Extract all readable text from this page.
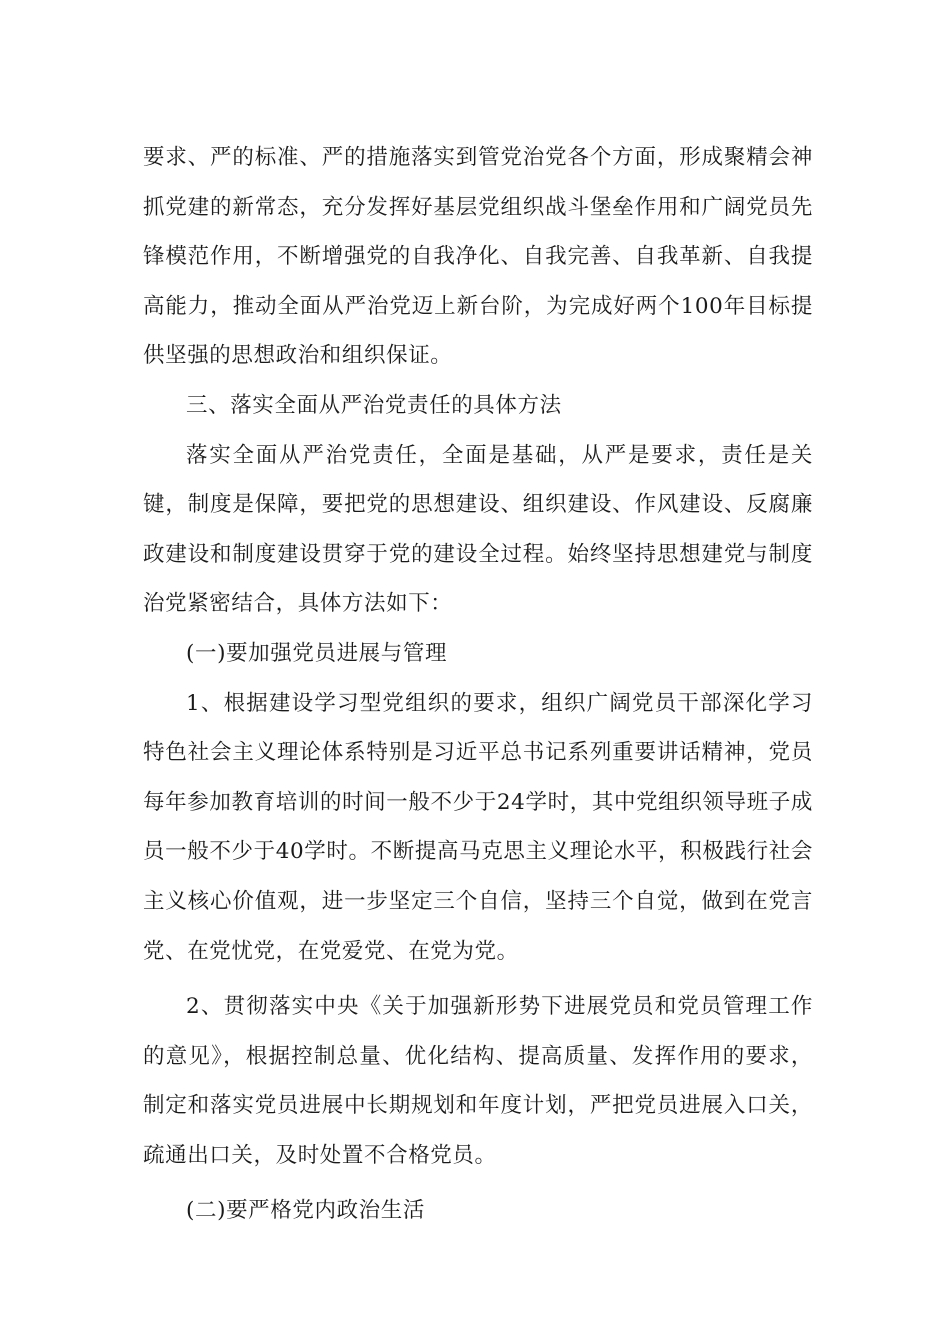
要求、严的标准、严的措施落实到管党治党各个方面，形成聚精会神抓党建的新常态，充分发挥好基层党组织战斗堡垒作用和广阔党员先锋模范作用，不断增强党的自我净化、自我完善、自我革新、自我提高能力，推动全面从严治党迈上新台阶，为完成好两个100年目标提供坚强的思想政治和组织保证。

三、落实全面从严治党责任的具体方法

落实全面从严治党责任，全面是基础，从严是要求，责任是关键，制度是保障，要把党的思想建设、组织建设、作风建设、反腐廉政建设和制度建设贯穿于党的建设全过程。始终坚持思想建党与制度治党紧密结合，具体方法如下：

(一)要加强党员进展与管理

1、根据建设学习型党组织的要求，组织广阔党员干部深化学习特色社会主义理论体系特别是习近平总书记系列重要讲话精神，党员每年参加教育培训的时间一般不少于24学时，其中党组织领导班子成员一般不少于40学时。不断提高马克思主义理论水平，积极践行社会主义核心价值观，进一步坚定三个自信，坚持三个自觉，做到在党言党、在党忧党，在党爱党、在党为党。

2、贯彻落实中央《关于加强新形势下进展党员和党员管理工作的意见》，根据控制总量、优化结构、提高质量、发挥作用的要求，制定和落实党员进展中长期规划和年度计划，严把党员进展入口关，疏通出口关，及时处置不合格党员。

(二)要严格党内政治生活
